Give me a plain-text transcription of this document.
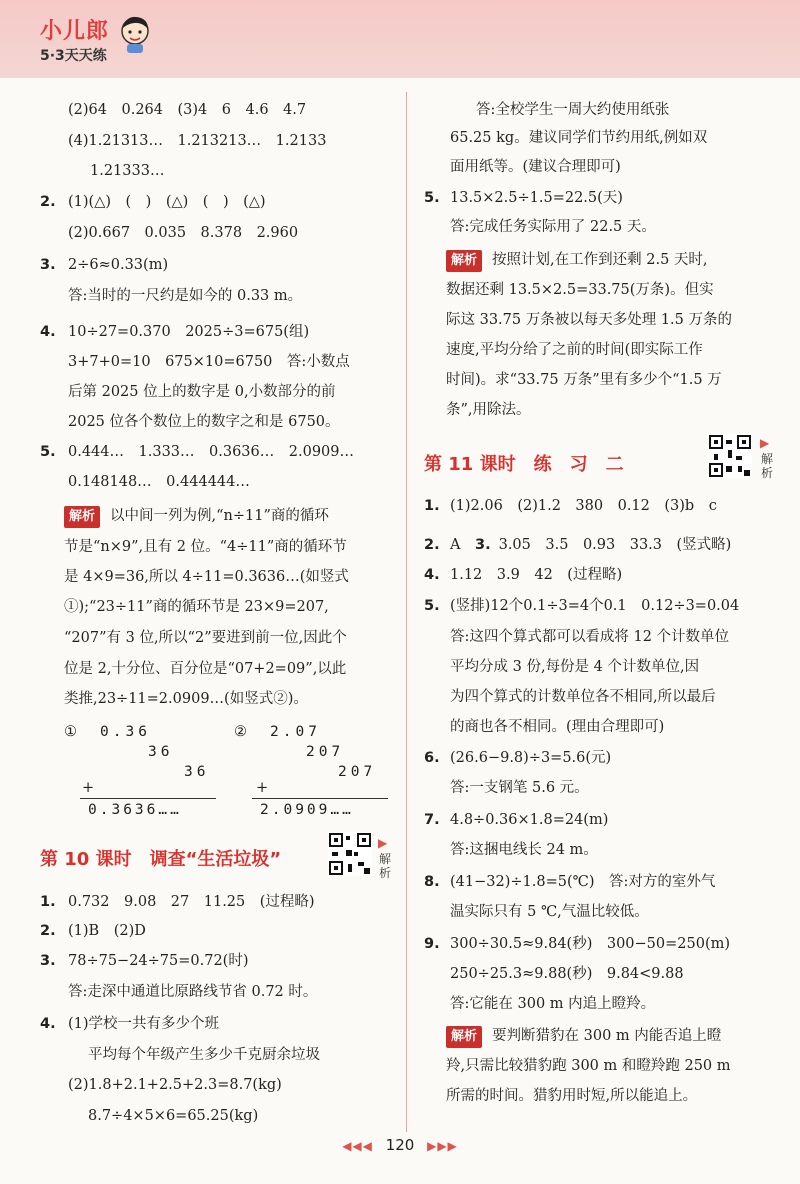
小儿郎
5·3天天练
(2)64　0.264　(3)4　6　4.6　4.7
(4)1.21313…　1.213213…　1.2133
1.21333…
2. (1)(△)　(　)　(△)　(　)　(△)
(2)0.667　0.035　8.378　2.960
3. 2÷6≈0.33(m)
答:当时的一尺约是如今的 0.33 m。
4. 10÷27=0.370　2025÷3=675(组)
3+7+0=10　675×10=6750　答:小数点
后第 2025 位上的数字是 0,小数部分的前
2025 位各个数位上的数字之和是 6750。
5. 0.444…　1.333…　0.3636…　2.0909…
0.148148…　0.444444…
解析 以中间一列为例,“n÷11”商的循环
节是“n×9”,且有 2 位。“4÷11”商的循环节
是 4×9=36,所以 4÷11=0.3636…(如竖式
①);“23÷11”商的循环节是 23×9=207,
“207”有 3 位,所以“2”要进到前一位,因此个
位是 2,十分位、百分位是“07+2=09”,以此
类推,23÷11=2.0909…(如竖式②)。
① 0.36
36
36
+
0.3636……
② 2.07
207
207
+
2.0909……
第 10 课时　调查“生活垃圾”
▶
解析
1. 0.732　9.08　27　11.25　(过程略)
2. (1)B　(2)D
3. 78÷75−24÷75=0.72(时)
答:走深中通道比原路线节省 0.72 时。
4. (1)学校一共有多少个班
平均每个年级产生多少千克厨余垃圾
(2)1.8+2.1+2.5+2.3=8.7(kg)
8.7÷4×5×6=65.25(kg)
答:全校学生一周大约使用纸张
65.25 kg。建议同学们节约用纸,例如双
面用纸等。(建议合理即可)
5. 13.5×2.5÷1.5=22.5(天)
答:完成任务实际用了 22.5 天。
解析 按照计划,在工作到还剩 2.5 天时,
数据还剩 13.5×2.5=33.75(万条)。但实
际这 33.75 万条被以每天多处理 1.5 万条的
速度,平均分给了之前的时间(即实际工作
时间)。求“33.75 万条”里有多少个“1.5 万
条”,用除法。
第 11 课时　练　习　二
▶
解析
1. (1)2.06　(2)1.2　380　0.12　(3)b　c
2. A　3. 3.05　3.5　0.93　33.3　(竖式略)
4. 1.12　3.9　42　(过程略)
5. (竖排)12个0.1÷3=4个0.1　0.12÷3=0.04
答:这四个算式都可以看成将 12 个计数单位
平均分成 3 份,每份是 4 个计数单位,因
为四个算式的计数单位各不相同,所以最后
的商也各不相同。(理由合理即可)
6. (26.6−9.8)÷3=5.6(元)
答:一支钢笔 5.6 元。
7. 4.8÷0.36×1.8=24(m)
答:这捆电线长 24 m。
8. (41−32)÷1.8=5(℃)　答:对方的室外气
温实际只有 5 ℃,气温比较低。
9. 300÷30.5≈9.84(秒)　300−50=250(m)
250÷25.3≈9.88(秒)　9.84<9.88
答:它能在 300 m 内追上瞪羚。
解析 要判断猎豹在 300 m 内能否追上瞪
羚,只需比较猎豹跑 300 m 和瞪羚跑 250 m
所需的时间。猎豹用时短,所以能追上。
◀◀◀ 120 ▶▶▶
